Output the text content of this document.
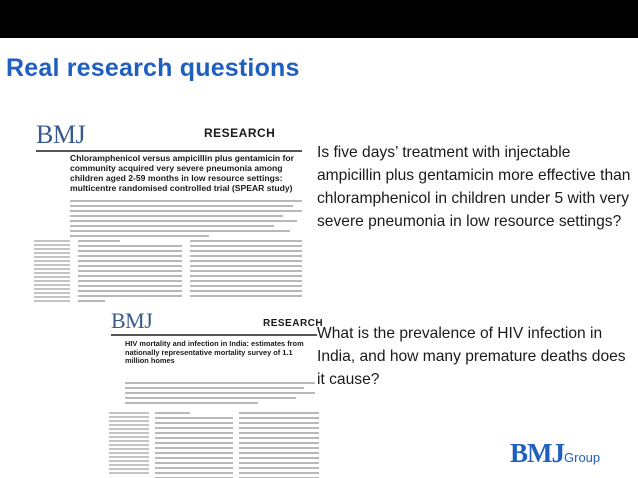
Real research questions
BMJ	RESEARCH
Chloramphenicol versus ampicillin plus gentamicin for community acquired very severe pneumonia among children aged 2-59 months in low resource settings: multicentre randomised controlled trial (SPEAR study)
BMJ	RESEARCH
HIV mortality and infection in India: estimates from nationally representative mortality survey of 1.1 million homes
Is five days’ treatment with injectable ampicillin plus gentamicin more effective than chloramphenicol in children under 5 with very severe pneumonia in low resource settings?
What is the prevalence of HIV infection in India, and how many premature deaths does it cause?
BMJGroup
